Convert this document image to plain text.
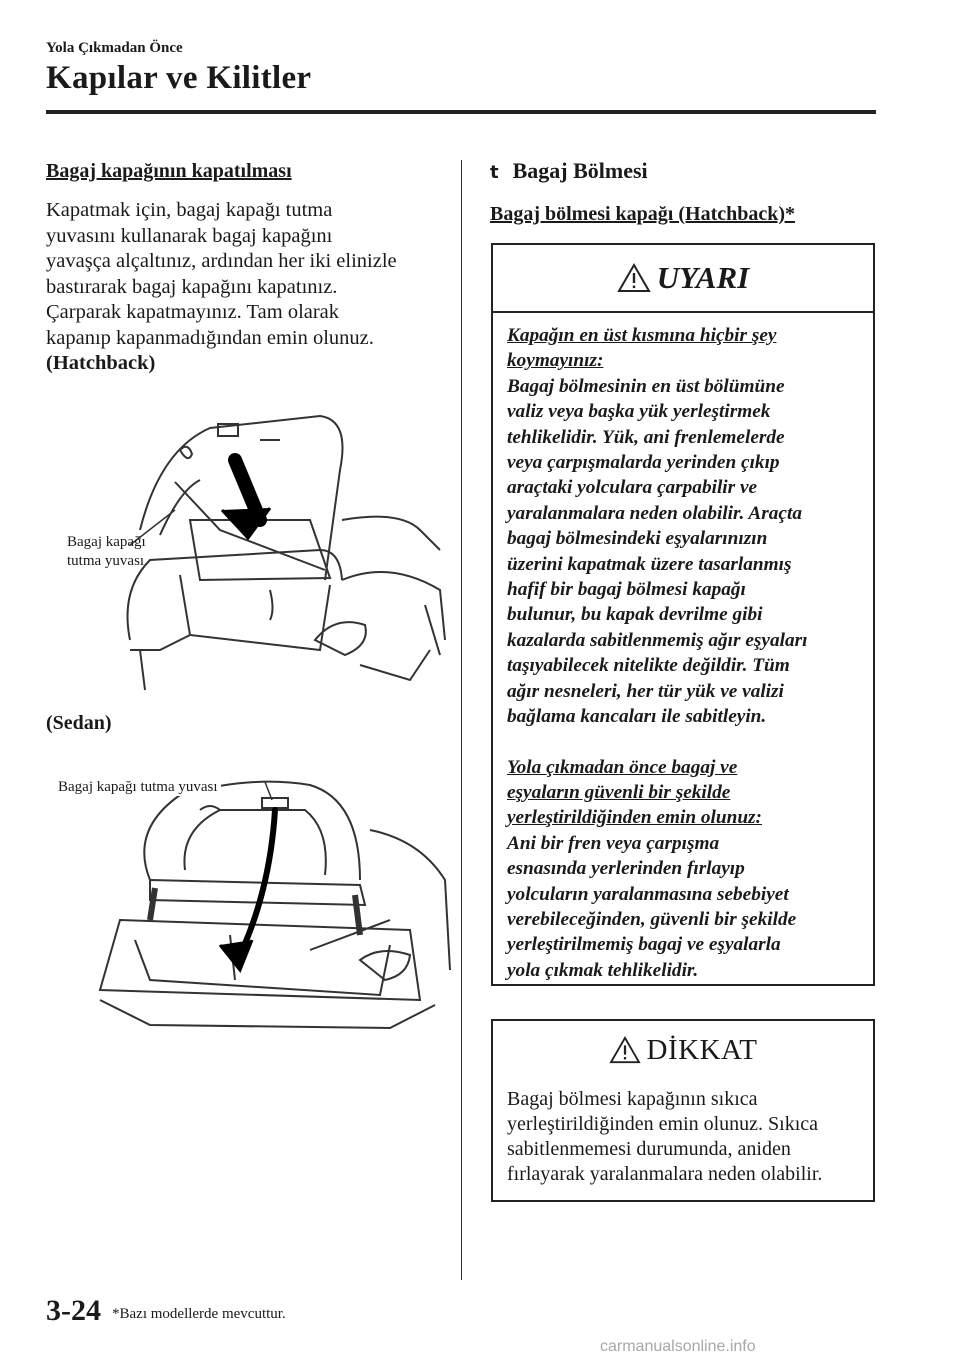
Yola Çıkmadan Önce
Kapılar ve Kilitler
Bagaj kapağının kapatılması

Kapatmak için, bagaj kapağı tutma

yuvasını kullanarak bagaj kapağını

yavaşça alçaltınız, ardından her iki elinizle

bastırarak bagaj kapağını kapatınız.

Çarparak kapatmayınız. Tam olarak

kapanıp kapanmadığından emin olunuz.

(Hatchback)

Bagaj kapağı
tutma yuvası
(Sedan)
Bagaj kapağı tutma yuvası
t Bagaj Bölmesi
Bagaj bölmesi kapağı (Hatchback)*
UYARI

Kapağın en üst kısmına hiçbir şey

koymayınız:

Bagaj bölmesinin en üst bölümüne

valiz veya başka yük yerleştirmek

tehlikelidir. Yük, ani frenlemelerde

veya çarpışmalarda yerinden çıkıp

araçtaki yolculara çarpabilir ve

yaralanmalara neden olabilir. Araçta

bagaj bölmesindeki eşyalarınızın

üzerini kapatmak üzere tasarlanmış

hafif bir bagaj bölmesi kapağı

bulunur, bu kapak devrilme gibi

kazalarda sabitlenmemiş ağır eşyaları

taşıyabilecek nitelikte değildir. Tüm

ağır nesneleri, her tür yük ve valizi

bağlama kancaları ile sabitleyin.

Yola çıkmadan önce bagaj ve

eşyaların güvenli bir şekilde

yerleştirildiğinden emin olunuz:

Ani bir fren veya çarpışma

esnasında yerlerinden fırlayıp

yolcuların yaralanmasına sebebiyet

verebileceğinden, güvenli bir şekilde

yerleştirilmemiş bagaj ve eşyalarla

yola çıkmak tehlikelidir.

DİKKAT
Bagaj bölmesi kapağının sıkıca
yerleştirildiğinden emin olunuz. Sıkıca
sabitlenmemesi durumunda, aniden
fırlayarak yaralanmalara neden olabilir.
3-24 *Bazı modellerde mevcuttur.
carmanualsonline.info
